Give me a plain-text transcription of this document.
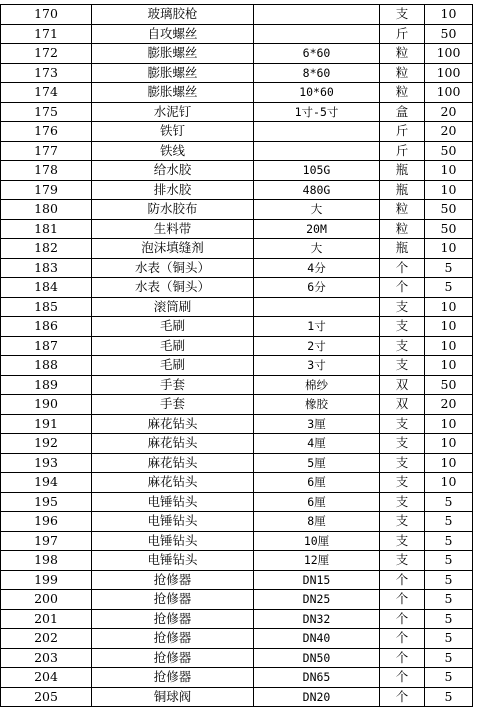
170	玻璃胶枪		支	10
171	自攻螺丝		斤	50
172	膨胀螺丝	6*60	粒	100
173	膨胀螺丝	8*60	粒	100
174	膨胀螺丝	10*60	粒	100
175	水泥钉	1寸-5寸	盒	20
176	铁钉		斤	20
177	铁线		斤	50
178	给水胶	105G	瓶	10
179	排水胶	480G	瓶	10
180	防水胶布	大	粒	50
181	生料带	20M	粒	50
182	泡沫填缝剂	大	瓶	10
183	水表（铜头）	4分	个	5
184	水表（铜头）	6分	个	5
185	滚筒刷		支	10
186	毛刷	1寸	支	10
187	毛刷	2寸	支	10
188	毛刷	3寸	支	10
189	手套	棉纱	双	50
190	手套	橡胶	双	20
191	麻花钻头	3厘	支	10
192	麻花钻头	4厘	支	10
193	麻花钻头	5厘	支	10
194	麻花钻头	6厘	支	10
195	电锤钻头	6厘	支	5
196	电锤钻头	8厘	支	5
197	电锤钻头	10厘	支	5
198	电锤钻头	12厘	支	5
199	抢修器	DN15	个	5
200	抢修器	DN25	个	5
201	抢修器	DN32	个	5
202	抢修器	DN40	个	5
203	抢修器	DN50	个	5
204	抢修器	DN65	个	5
205	铜球阀	DN20	个	5
